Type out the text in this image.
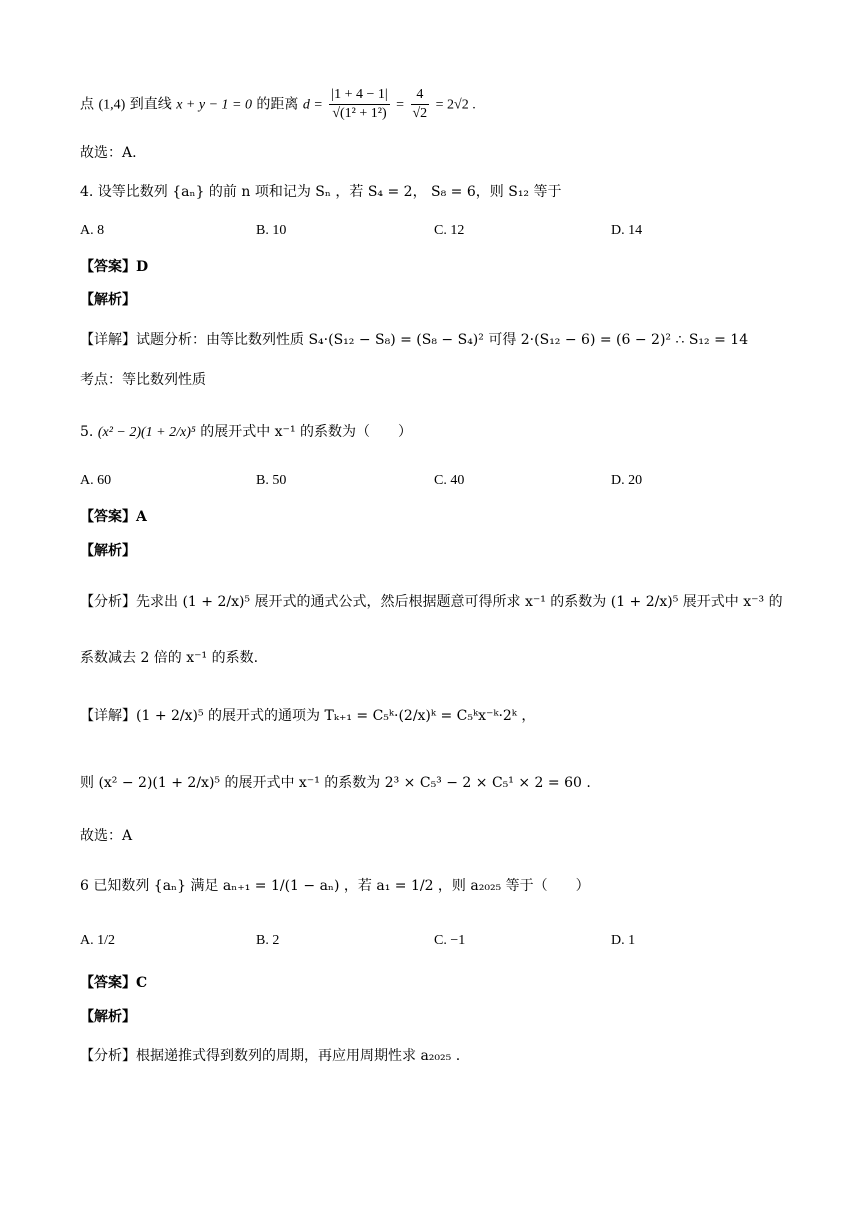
点 (1,4) 到直线 x + y − 1 = 0 的距离 $d = \frac{|1 + 4 - 1|}{\text{√(1² + 1²)}} = \frac{4}{√2} = 2√2$ .
故选：A.
4. 设等比数列 {aₙ} 的前 n 项和记为 Sₙ ，若 S₄ = 2， S₈ = 6，则 S₁₂ 等于
A. 8	B. 10	C. 12	D. 14
【答案】D
【解析】
【详解】试题分析：由等比数列性质 S₄·(S₁₂ − S₈) = (S₈ − S₄)² 可得 2·(S₁₂ − 6) = (6 − 2)² ∴ S₁₂ = 14
考点：等比数列性质
5. (x² − 2)(1 + 2/x)⁵ 的展开式中 x⁻¹ 的系数为（　　）
A. 60	B. 50	C. 40	D. 20
【答案】A
【解析】
【分析】先求出 (1 + 2/x)⁵ 展开式的通式公式，然后根据题意可得所求 x⁻¹ 的系数为 (1 + 2/x)⁵ 展开式中 x⁻³ 的
系数减去 2 倍的 x⁻¹ 的系数.
【详解】(1 + 2/x)⁵ 的展开式的通项为 Tₖ₊₁ = C₅ᵏ·(2/x)ᵏ = C₅ᵏx⁻ᵏ·2ᵏ ，
则 (x² − 2)(1 + 2/x)⁵ 的展开式中 x⁻¹ 的系数为 2³ × C₅³ − 2 × C₅¹ × 2 = 60 .
故选：A
6 已知数列 {aₙ} 满足 aₙ₊₁ = 1/(1 − aₙ) ，若 a₁ = 1/2 ，则 a₂₀₂₅ 等于（　　）
A. 1/2	B. 2	C. −1	D. 1
【答案】C
【解析】
【分析】根据递推式得到数列的周期，再应用周期性求 a₂₀₂₅ .
